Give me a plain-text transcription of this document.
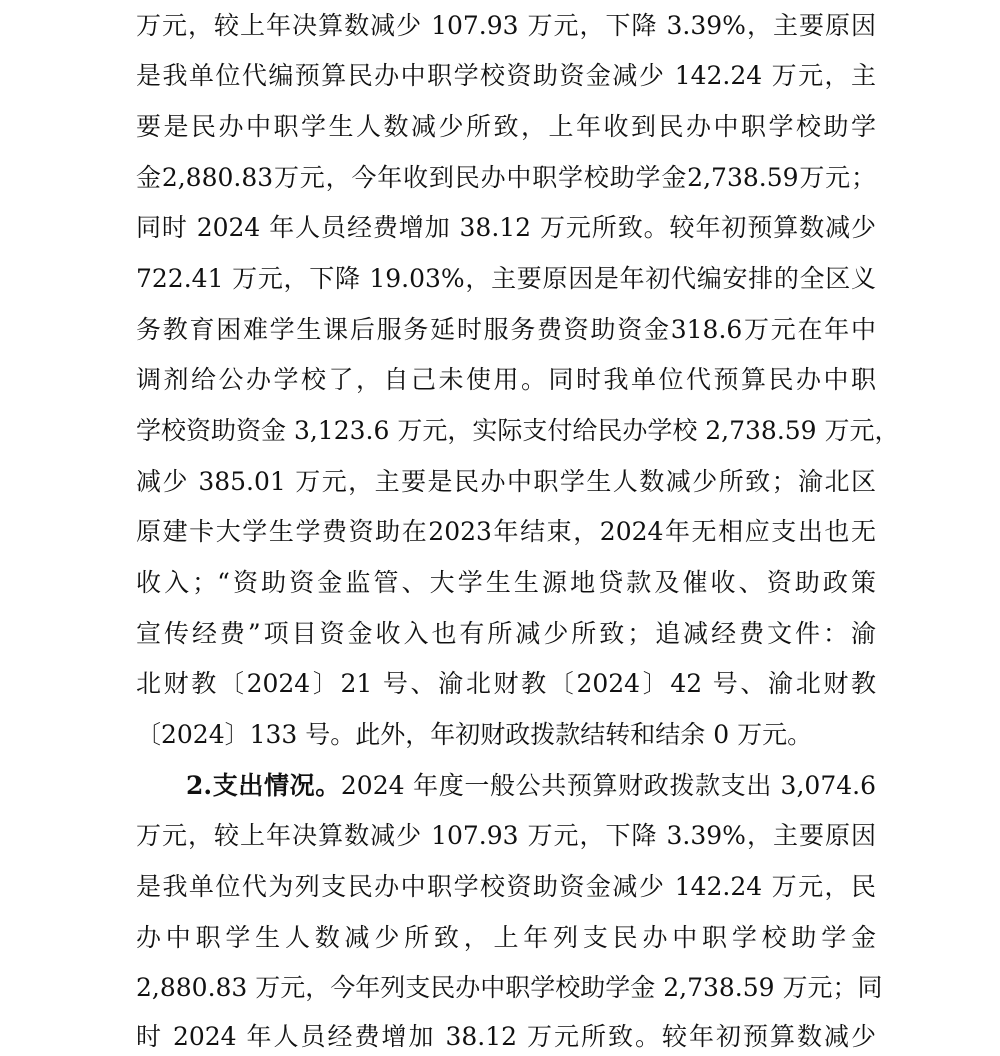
万元，较上年决算数减少 107.93 万元，下降 3.39%，主要原因
是我单位代编预算民办中职学校资助资金减少 142.24 万元，主
要是民办中职学生人数减少所致，上年收到民办中职学校助学
金2,880.83万元，今年收到民办中职学校助学金2,738.59万元；
同时 2024 年人员经费增加 38.12 万元所致。较年初预算数减少
722.41 万元，下降 19.03%，主要原因是年初代编安排的全区义
务教育困难学生课后服务延时服务费资助资金318.6万元在年中
调剂给公办学校了，自己未使用。同时我单位代预算民办中职
学校资助资金 3,123.6 万元，实际支付给民办学校 2,738.59 万元，
减少 385.01 万元，主要是民办中职学生人数减少所致；渝北区
原建卡大学生学费资助在2023年结束，2024年无相应支出也无
收入；“资助资金监管、大学生生源地贷款及催收、资助政策
宣传经费”项目资金收入也有所减少所致；追减经费文件：渝
北财教〔2024〕21 号、渝北财教〔2024〕42 号、渝北财教
〔2024〕133 号。此外，年初财政拨款结转和结余 0 万元。
2.支出情况。2024 年度一般公共预算财政拨款支出 3,074.6
万元，较上年决算数减少 107.93 万元，下降 3.39%，主要原因
是我单位代为列支民办中职学校资助资金减少 142.24 万元，民
办中职学生人数减少所致，上年列支民办中职学校助学金
2,880.83 万元，今年列支民办中职学校助学金 2,738.59 万元；同
时 2024 年人员经费增加 38.12 万元所致。较年初预算数减少
